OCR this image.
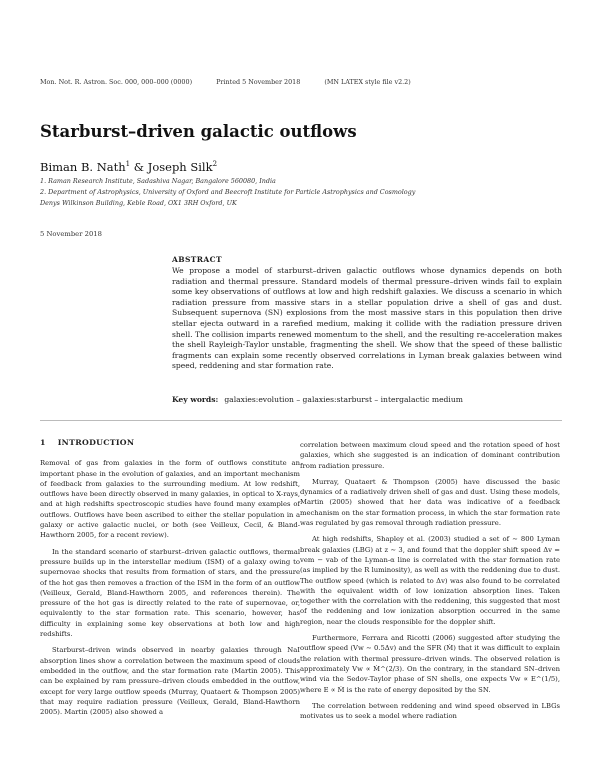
Mon. Not. R. Astron. Soc. 000, 000–000 (0000)	Printed 5 November 2018	(MN LATEX style file v2.2)
Starburst–driven galactic outflows
Biman B. Nath$^1$ & Joseph Silk$^2$
1. Raman Research Institute, Sadashiva Nagar, Bangalore 560080, India
2. Department of Astrophysics, University of Oxford and Beecroft Institute for Particle Astrophysics and Cosmology
Denys Wilkinson Building, Keble Road, OX1 3RH Oxford, UK
5 November 2018
ABSTRACT
We propose a model of starburst–driven galactic outflows whose dynamics depends on both radiation and thermal pressure. Standard models of thermal pressure–driven winds fail to explain some key observations of outflows at low and high redshift galaxies. We discuss a scenario in which radiation pressure from massive stars in a stellar population drive a shell of gas and dust. Subsequent supernova (SN) explosions from the most massive stars in this population then drive stellar ejecta outward in a rarefied medium, making it collide with the radiation pressure driven shell. The collision imparts renewed momentum to the shell, and the resulting re-acceleration makes the shell Rayleigh-Taylor unstable, fragmenting the shell. We show that the speed of these ballistic fragments can explain some recently observed correlations in Lyman break galaxies between wind speed, reddening and star formation rate.
Key words: galaxies:evolution – galaxies:starburst – intergalactic medium
1 INTRODUCTION

Removal of gas from galaxies in the form of outflows constitute an important phase in the evolution of galaxies, and an important mechanism of feedback from galaxies to the surrounding medium. At low redshift, outflows have been directly observed in many galaxies, in optical to X-rays, and at high redshifts spectroscopic studies have found many examples of outflows. Outflows have been ascribed to either the stellar population in a galaxy or active galactic nuclei, or both (see Veilleux, Cecil, & Bland-Hawthorn 2005, for a recent review).

In the standard scenario of starburst–driven galactic outflows, thermal pressure builds up in the interstellar medium (ISM) of a galaxy owing to supernovae shocks that results from formation of stars, and the pressure of the hot gas then removes a fraction of the ISM in the form of an outflow (Veilleux, Gerald, Bland-Hawthorn 2005, and references therein). The pressure of the hot gas is directly related to the rate of supernovae, or, equivalently to the star formation rate. This scenario, however, has difficulty in explaining some key observations at both low and high redshifts.

Starburst–driven winds observed in nearby galaxies through NaI absorption lines show a correlation between the maximum speed of clouds embedded in the outflow, and the star formation rate (Martin 2005). This can be explained by ram pressure–driven clouds embedded in the outflow, except for very large outflow speeds (Murray, Quataert & Thompson 2005) that may require radiation pressure (Veilleux, Gerald, Bland-Hawthorn 2005). Martin (2005) also showed a

correlation between maximum cloud speed and the rotation speed of host galaxies, which she suggested is an indication of dominant contribution from radiation pressure.

Murray, Quataert & Thompson (2005) have discussed the basic dynamics of a radiatively driven shell of gas and dust. Using these models, Martin (2005) showed that her data was indicative of a feedback mechanism on the star formation process, in which the star formation rate was regulated by gas removal through radiation pressure.

At high redshifts, Shapley et al. (2003) studied a set of ∼ 800 Lyman break galaxies (LBG) at z ∼ 3, and found that the doppler shift speed Δv = vem − vab of the Lyman-α line is correlated with the star formation rate (as implied by the R luminosity), as well as with the reddening due to dust. The outflow speed (which is related to Δv) was also found to be correlated with the equivalent width of low ionization absorption lines. Taken together with the correlation with the reddening, this suggested that most of the reddening and low ionization absorption occurred in the same region, near the clouds responsible for the doppler shift.

Furthermore, Ferrara and Ricotti (2006) suggested after studying the outflow speed (Vw ∼ 0.5Δv) and the SFR (Ṁ) that it was difficult to explain the relation with thermal pressure–driven winds. The observed relation is approximately Vw ∝ Ṁ^(2/3). On the contrary, in the standard SN–driven wind via the Sedov-Taylor phase of SN shells, one expects Vw ∝ E^(1/5), where E ∝ Ṁ is the rate of energy deposited by the SN.

The correlation between reddening and wind speed observed in LBGs motivates us to seek a model where radiation
